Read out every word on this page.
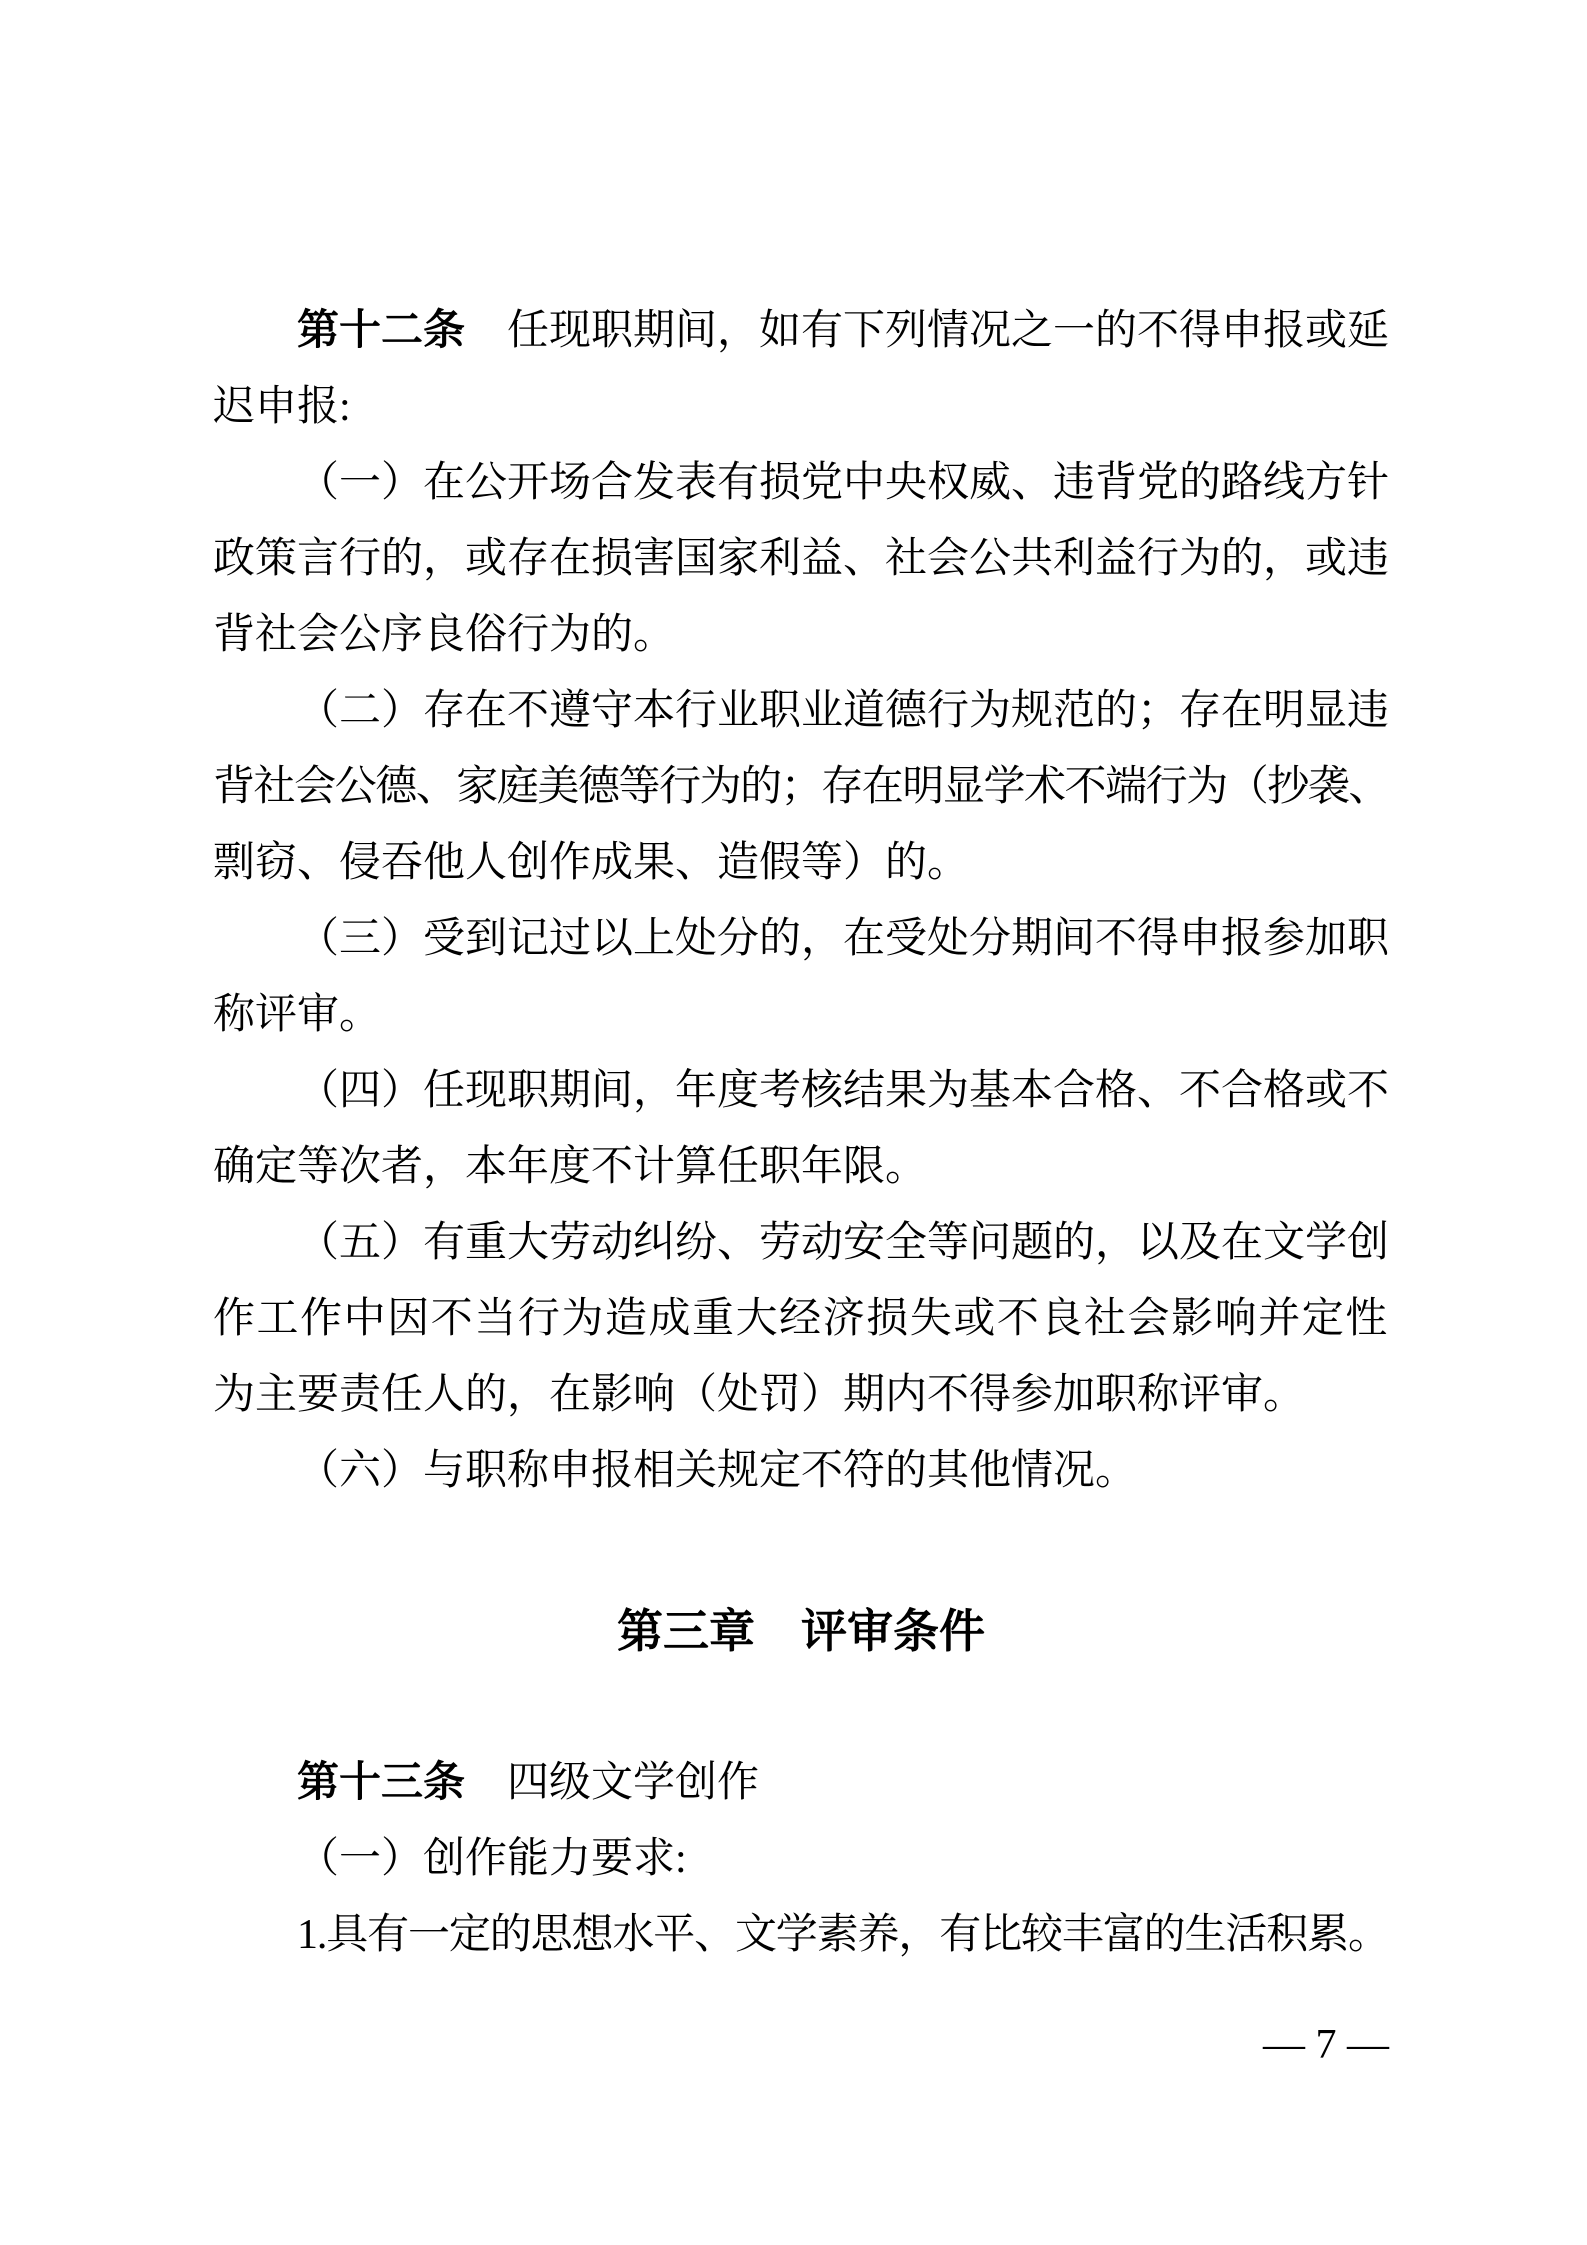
第十二条　任现职期间，如有下列情况之一的不得申报或延
迟申报:
（一）在公开场合发表有损党中央权威、违背党的路线方针
政策言行的，或存在损害国家利益、社会公共利益行为的，或违
背社会公序良俗行为的。
（二）存在不遵守本行业职业道德行为规范的；存在明显违
背社会公德、家庭美德等行为的；存在明显学术不端行为（抄袭、
剽窃、侵吞他人创作成果、造假等）的。
（三）受到记过以上处分的，在受处分期间不得申报参加职
称评审。
（四）任现职期间，年度考核结果为基本合格、不合格或不
确定等次者，本年度不计算任职年限。
（五）有重大劳动纠纷、劳动安全等问题的，以及在文学创
作工作中因不当行为造成重大经济损失或不良社会影响并定性
为主要责任人的，在影响（处罚）期内不得参加职称评审。
（六）与职称申报相关规定不符的其他情况。
第三章　评审条件
第十三条　四级文学创作
（一）创作能力要求:
1.具有一定的思想水平、文学素养，有比较丰富的生活积累。
— 7 —
